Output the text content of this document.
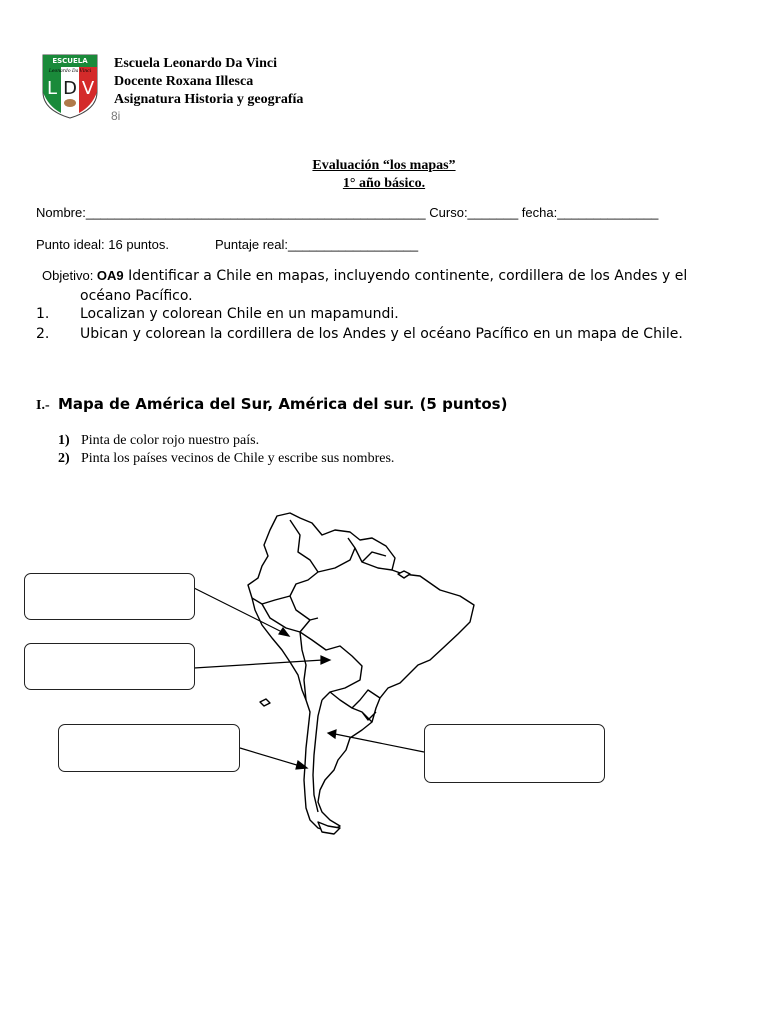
ESCUELA
Leonardo Da Vinci
L D V
Escuela Leonardo Da Vinci
Docente Roxana Illesca
Asignatura Historia y geografía
8i
Evaluación “los mapas”
1° año básico.
Nombre:_______________________________________________ Curso:_______ fecha:______________
Punto ideal: 16 puntos.	Puntaje real:__________________
Objetivo: OA9 Identificar a Chile en mapas, incluyendo continente, cordillera de los Andes y el
océano Pacífico.
1. Localizan y colorean Chile en un mapamundi.
2. Ubican y colorean la cordillera de los Andes y el océano Pacífico en un mapa de Chile.
I.- Mapa de América del Sur, América del sur. (5 puntos)
1) Pinta de color rojo nuestro país.
2) Pinta los países vecinos de Chile y escribe sus nombres.
